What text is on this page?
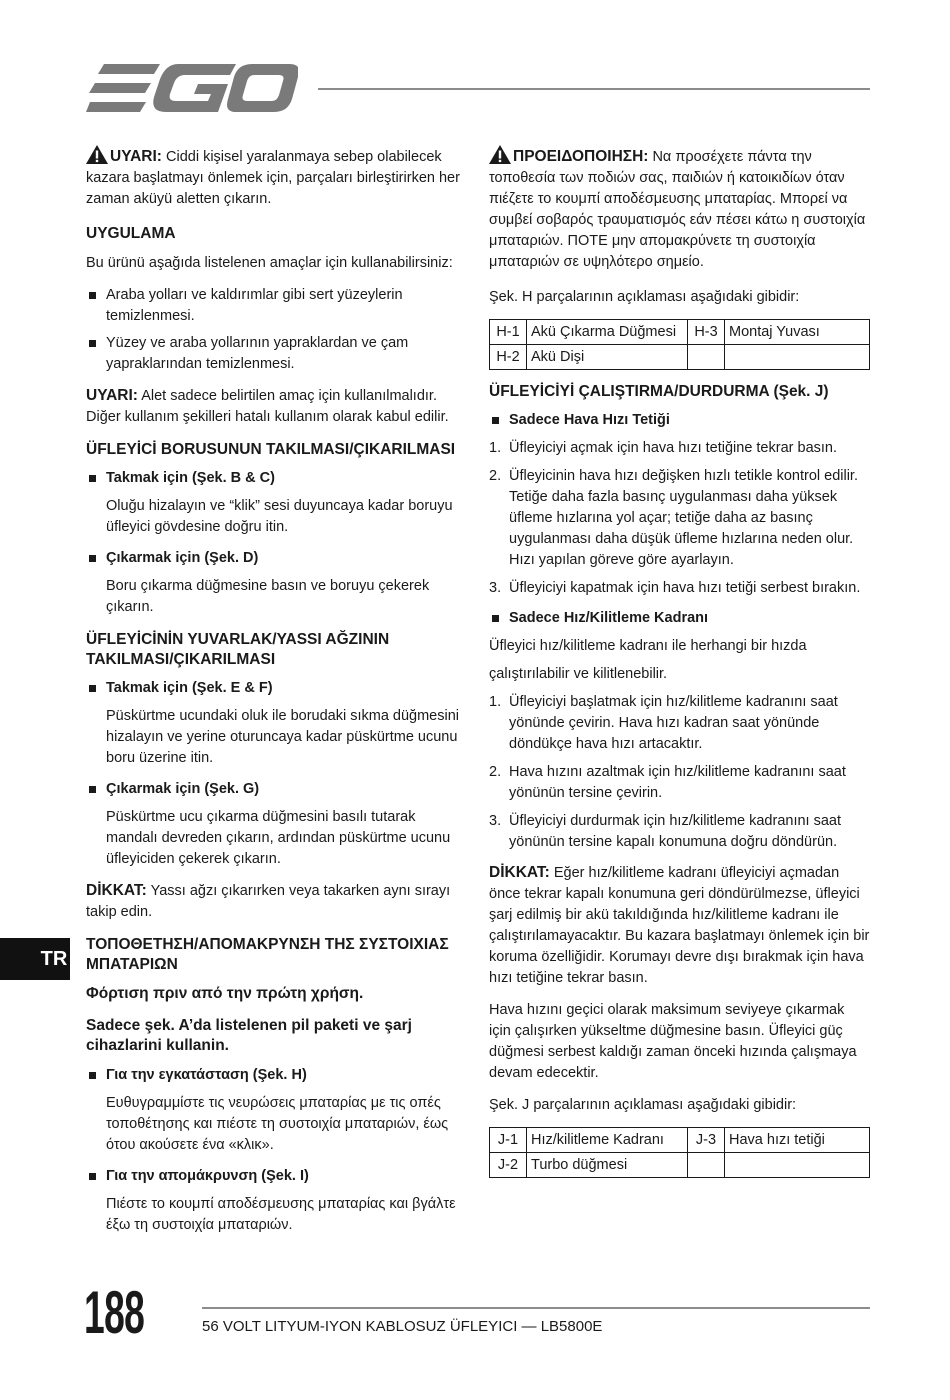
UYARI: Ciddi kişisel yaralanmaya sebep olabilecek kazara başlatmayı önlemek için, parçaları birleştirirken her zaman aküyü aletten çıkarın.

UYGULAMA

Bu ürünü aşağıda listelenen amaçlar için kullanabilirsiniz:

Araba yolları ve kaldırımlar gibi sert yüzeylerin temizlenmesi.
Yüzey ve araba yollarının yapraklardan ve çam yapraklarından temizlenmesi.

UYARI: Alet sadece belirtilen amaç için kullanılmalıdır. Diğer kullanım şekilleri hatalı kullanım olarak kabul edilir.

ÜFLEYİCİ BORUSUNUN TAKILMASI/ÇIKARILMASI

Takmak için (Şek. B & C)

Oluğu hizalayın ve “klik” sesi duyuncaya kadar boruyu üfleyici gövdesine doğru itin.

Çıkarmak için (Şek. D)

Boru çıkarma düğmesine basın ve boruyu çekerek çıkarın.

ÜFLEYİCİNİN YUVARLAK/YASSI AĞZININ TAKILMASI/ÇIKARILMASI

Takmak için (Şek. E & F)

Püskürtme ucundaki oluk ile borudaki sıkma düğmesini hizalayın ve yerine oturuncaya kadar püskürtme ucunu boru üzerine itin.

Çıkarmak için (Şek. G)

Püskürtme ucu çıkarma düğmesini basılı tutarak mandalı devreden çıkarın, ardından püskürtme ucunu üfleyiciden çekerek çıkarın.

DİKKAT: Yassı ağzı çıkarırken veya takarken aynı sırayı takip edin.

ΤΟΠΟΘΕΤΗΣΗ/ΑΠΟΜΑΚΡΥΝΣΗ ΤΗΣ ΣΥΣΤΟΙΧΙΑΣ ΜΠΑΤΑΡΙΩΝ

Φόρτιση πριν από την πρώτη χρήση.

Sadece şek. A’da listelenen pil paketi ve şarj cihazlarini kullanin.

Για την εγκατάσταση (Şek. H)

Ευθυγραμμίστε τις νευρώσεις μπαταρίας με τις οπές τοποθέτησης και πιέστε τη συστοιχία μπαταριών, έως ότου ακούσετε ένα «κλικ».

Για την απομάκρυνση (Şek. I)

Πιέστε το κουμπί αποδέσμευσης μπαταρίας και βγάλτε έξω τη συστοιχία μπαταριών.

ΠΡΟΕΙΔΟΠΟΙΗΣΗ: Να προσέχετε πάντα την τοποθεσία των ποδιών σας, παιδιών ή κατοικιδίων όταν πιέζετε το κουμπί αποδέσμευσης μπαταρίας. Μπορεί να συμβεί σοβαρός τραυματισμός εάν πέσει κάτω η συστοιχία μπαταριών. ΠΟΤΕ μην απομακρύνετε τη συστοιχία μπαταριών σε υψηλότερο σημείο.

Şek. H parçalarının açıklaması aşağıdaki gibidir:

H-1	Akü Çıkarma Düğmesi	H-3	Montaj Yuvası
H-2	Akü Dişi		
ÜFLEYİCİYİ ÇALIŞTIRMA/DURDURMA (Şek. J)

Sadece Hava Hızı Tetiği

1. Üfleyiciyi açmak için hava hızı tetiğine tekrar basın.
2. Üfleyicinin hava hızı değişken hızlı tetikle kontrol edilir. Tetiğe daha fazla basınç uygulanması daha yüksek üfleme hızlarına yol açar; tetiğe daha az basınç uygulanması daha düşük üfleme hızlarına neden olur. Hızı yapılan göreve göre ayarlayın.
3. Üfleyiciyi kapatmak için hava hızı tetiği serbest bırakın.

Sadece Hız/Kilitleme Kadranı

Üfleyici hız/kilitleme kadranı ile herhangi bir hızda

çalıştırılabilir ve kilitlenebilir.

1. Üfleyiciyi başlatmak için hız/kilitleme kadranını saat yönünde çevirin. Hava hızı kadran saat yönünde döndükçe hava hızı artacaktır.
2. Hava hızını azaltmak için hız/kilitleme kadranını saat yönünün tersine çevirin.
3. Üfleyiciyi durdurmak için hız/kilitleme kadranını saat yönünün tersine kapalı konumuna doğru döndürün.

DİKKAT: Eğer hız/kilitleme kadranı üfleyiciyi açmadan önce tekrar kapalı konumuna geri döndürülmezse, üfleyici şarj edilmiş bir akü takıldığında hız/kilitleme kadranı ile çalıştırılamayacaktır. Bu kazara başlatmayı önlemek için bir koruma özelliğidir. Korumayı devre dışı bırakmak için hava hızı tetiğine tekrar basın.

Hava hızını geçici olarak maksimum seviyeye çıkarmak için çalışırken yükseltme düğmesine basın. Üfleyici güç düğmesi serbest kaldığı zaman önceki hızında çalışmaya devam edecektir.

Şek. J parçalarının açıklaması aşağıdaki gibidir:

J-1	Hız/kilitleme Kadranı	J-3	Hava hızı tetiği
J-2	Turbo düğmesi		
TR
188	56 VOLT LITYUM-IYON KABLOSUZ ÜFLEYICI — LB5800E
